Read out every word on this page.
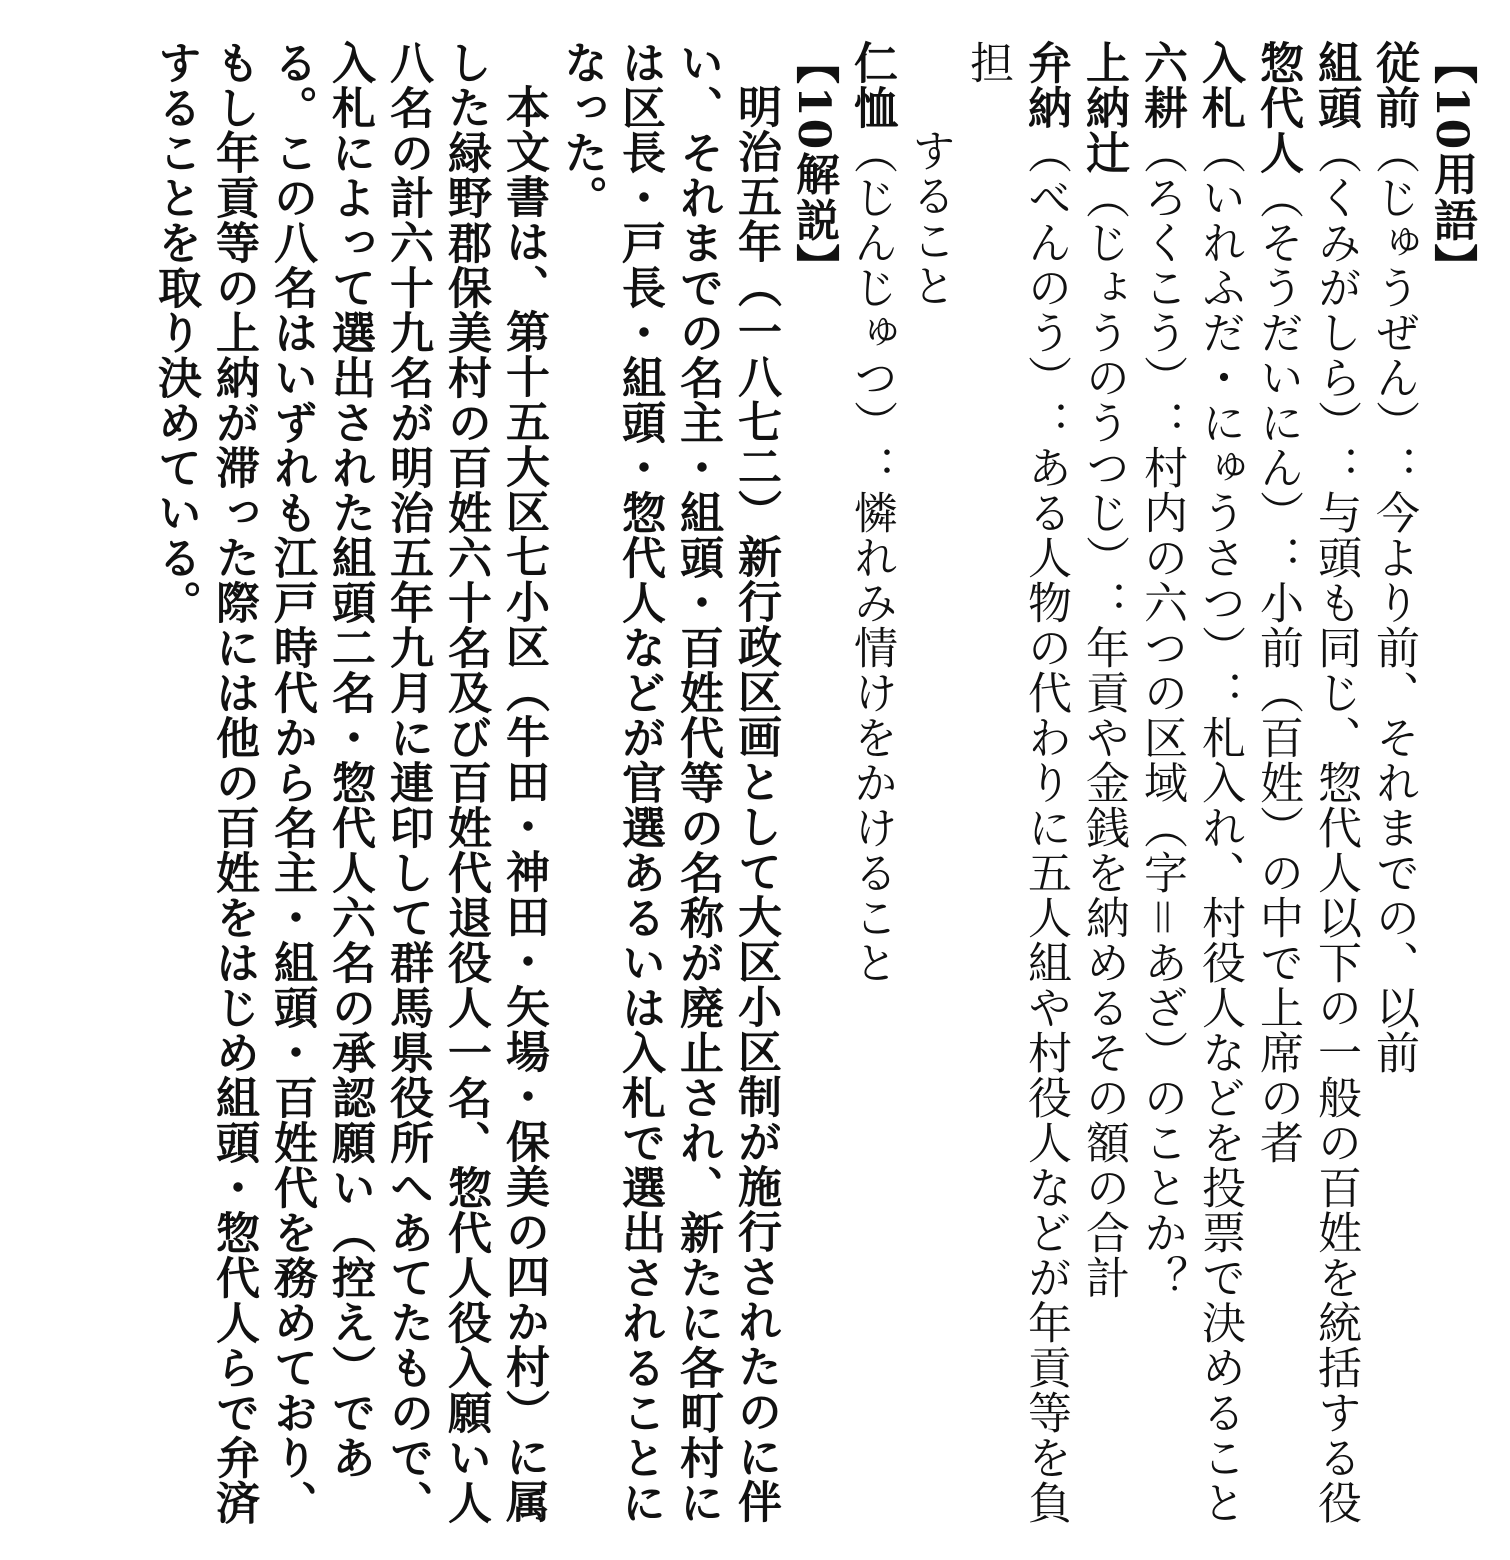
【10用語】
従前（じゅうぜん）：今より前、それまでの、以前
組頭（くみがしら）：与頭も同じ、惣代人以下の一般の百姓を統括する役
惣代人（そうだいにん）：小前（百姓）の中で上席の者
入札（いれふだ・にゅうさつ）：札入れ、村役人などを投票で決めること
六耕（ろくこう）：村内の六つの区域（字＝あざ）のことか？
上納辻（じょうのうつじ）：年貢や金銭を納めるその額の合計
弁納（べんのう）：ある人物の代わりに五人組や村役人などが年貢等を負担
すること
仁恤（じんじゅつ）：憐れみ情けをかけること
【10解説】
明治五年（一八七二）新行政区画として大区小区制が施行されたのに伴い、それまでの名主・組頭・百姓代等の名称が廃止され、新たに各町村には区長・戸長・組頭・惣代人などが官選あるいは入札で選出されることになった。
本文書は、第十五大区七小区（牛田・神田・矢場・保美の四か村）に属した緑野郡保美村の百姓六十名及び百姓代退役人一名、惣代人役入願い人八名の計六十九名が明治五年九月に連印して群馬県役所へあてたもので、入札によって選出された組頭二名・惣代人六名の承認願い（控え）である。この八名はいずれも江戸時代から名主・組頭・百姓代を務めており、もし年貢等の上納が滞った際には他の百姓をはじめ組頭・惣代人らで弁済することを取り決めている。
